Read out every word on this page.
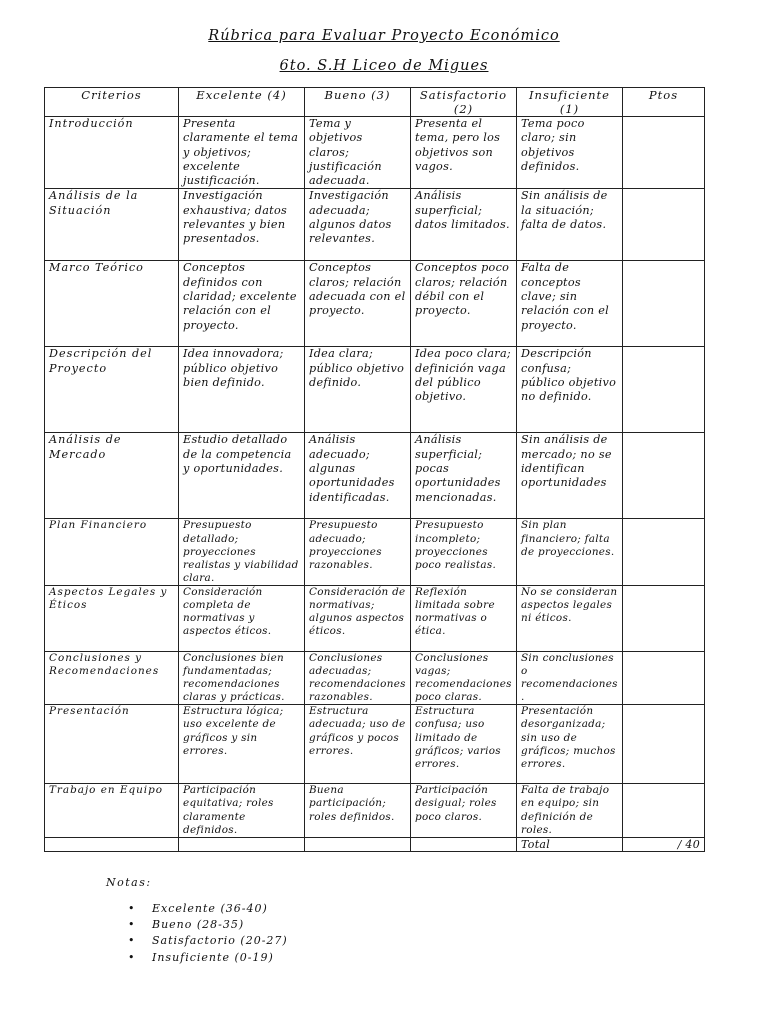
Rúbrica para Evaluar Proyecto Económico
6to. S.H Liceo de Migues
Criterios	Excelente (4)	Bueno (3)	Satisfactorio (2)	Insuficiente (1)	Ptos
Introducción	Presenta claramente el tema y objetivos; excelente justificación.	Tema y objetivos claros; justificación adecuada.	Presenta el tema, pero los objetivos son vagos.	Tema poco claro; sin objetivos definidos.	
Análisis de la Situación	Investigación exhaustiva; datos relevantes y bien presentados.	Investigación adecuada; algunos datos relevantes.	Análisis superficial; datos limitados.	Sin análisis de la situación; falta de datos.	
Marco Teórico	Conceptos definidos con claridad; excelente relación con el proyecto.	Conceptos claros; relación adecuada con el proyecto.	Conceptos poco claros; relación débil con el proyecto.	Falta de conceptos clave; sin relación con el proyecto.	
Descripción del Proyecto	Idea innovadora; público objetivo bien definido.	Idea clara; público objetivo definido.	Idea poco clara; definición vaga del público objetivo.	Descripción confusa; público objetivo no definido.	
Análisis de Mercado	Estudio detallado de la competencia y oportunidades.	Análisis adecuado; algunas oportunidades identificadas.	Análisis superficial; pocas oportunidades mencionadas.	Sin análisis de mercado; no se identifican oportunidades	
Plan Financiero	Presupuesto detallado; proyecciones realistas y viabilidad clara.	Presupuesto adecuado; proyecciones razonables.	Presupuesto incompleto; proyecciones poco realistas.	Sin plan financiero; falta de proyecciones.	
Aspectos Legales y Éticos	Consideración completa de normativas y aspectos éticos.	Consideración de normativas; algunos aspectos éticos.	Reflexión limitada sobre normativas o ética.	No se consideran aspectos legales ni éticos.	
Conclusiones y Recomendaciones	Conclusiones bien fundamentadas; recomendaciones claras y prácticas.	Conclusiones adecuadas; recomendaciones razonables.	Conclusiones vagas; recomendaciones poco claras.	Sin conclusiones o recomendaciones.	
Presentación	Estructura lógica; uso excelente de gráficos y sin errores.	Estructura adecuada; uso de gráficos y pocos errores.	Estructura confusa; uso limitado de gráficos; varios errores.	Presentación desorganizada; sin uso de gráficos; muchos errores.	
Trabajo en Equipo	Participación equitativa; roles claramente definidos.	Buena participación; roles definidos.	Participación desigual; roles poco claros.	Falta de trabajo en equipo; sin definición de roles.	
				Total	/ 40
Notas:
• Excelente (36-40)
• Bueno (28-35)
• Satisfactorio (20-27)
• Insuficiente (0-19)
